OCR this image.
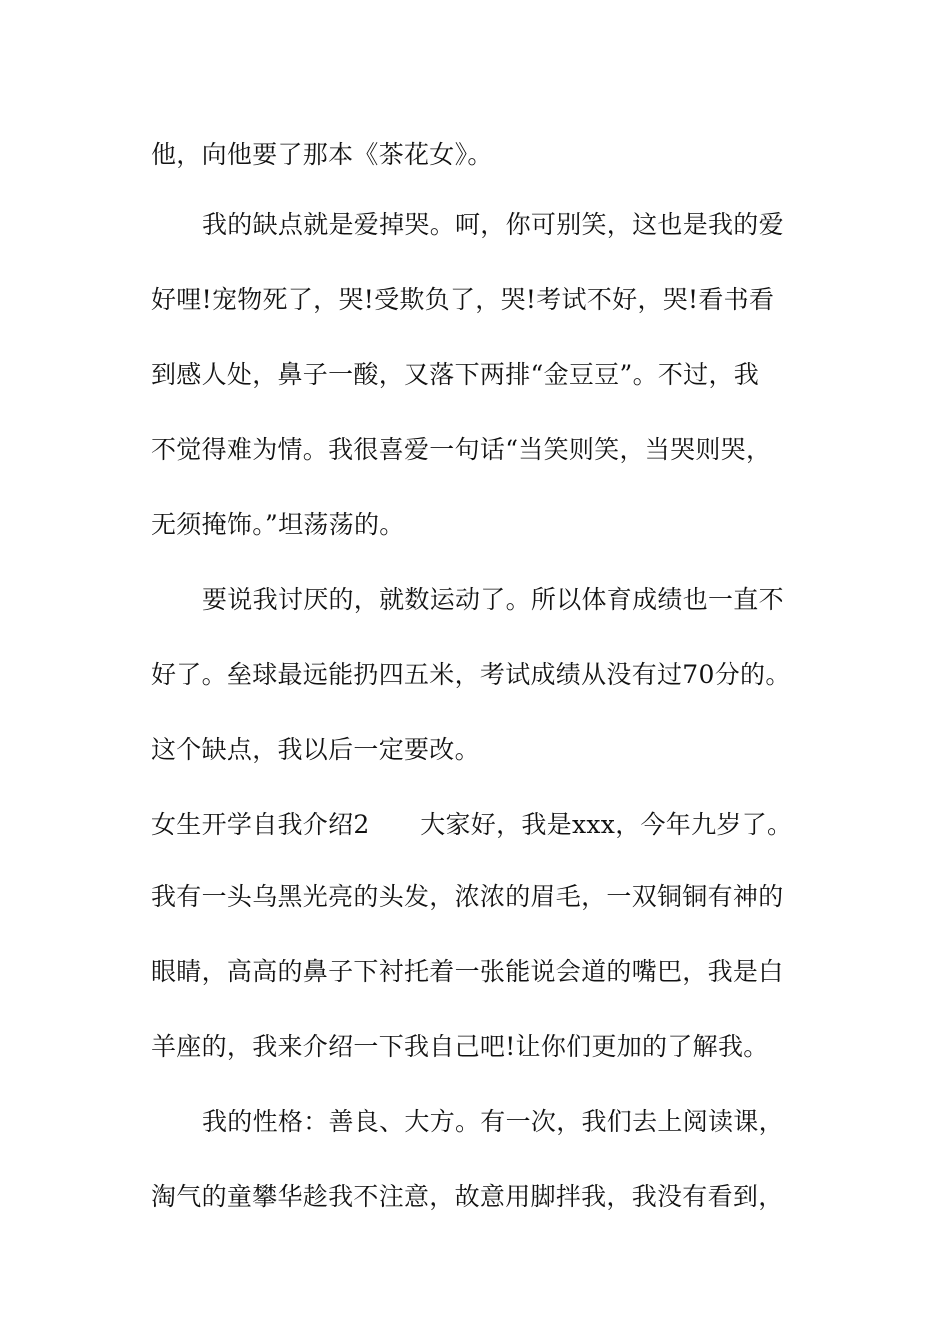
他，向他要了那本《茶花女》。
我的缺点就是爱掉哭。呵，你可别笑，这也是我的爱
好哩!宠物死了，哭!受欺负了，哭!考试不好，哭!看书看
到感人处，鼻子一酸，又落下两排“金豆豆”。不过，我
不觉得难为情。我很喜爱一句话“当笑则笑，当哭则哭，
无须掩饰。”坦荡荡的。
要说我讨厌的，就数运动了。所以体育成绩也一直不
好了。垒球最远能扔四五米，考试成绩从没有过70分的。
这个缺点，我以后一定要改。
女生开学自我介绍2　　大家好，我是xxx，今年九岁了。
我有一头乌黑光亮的头发，浓浓的眉毛，一双铜铜有神的
眼睛，高高的鼻子下衬托着一张能说会道的嘴巴，我是白
羊座的，我来介绍一下我自己吧!让你们更加的了解我。
我的性格：善良、大方。有一次，我们去上阅读课，
淘气的童攀华趁我不注意，故意用脚拌我，我没有看到，
